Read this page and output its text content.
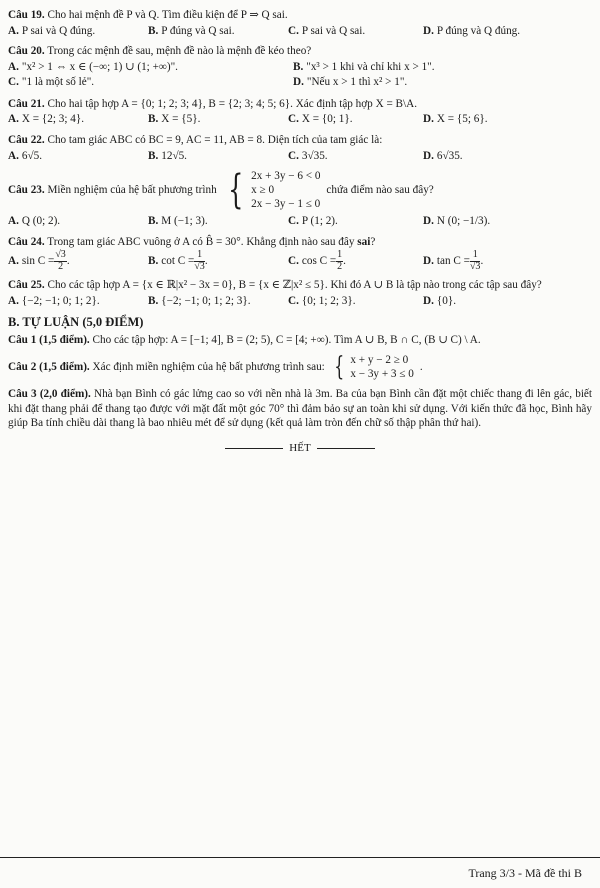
Câu 19. Cho hai mệnh đề P và Q. Tìm điều kiện để P ⇒ Q sai.
A. P sai và Q đúng.	B. P đúng và Q sai.	C. P sai và Q sai.	D. P đúng và Q đúng.
Câu 20. Trong các mệnh đề sau, mệnh đề nào là mệnh đề kéo theo?
A. "x² > 1 ⇔ x ∈ (−∞; 1) ∪ (1; +∞)".	B. "x³ > 1 khi và chỉ khi x > 1".
C. "1 là một số lẻ".	D. "Nếu x > 1 thì x² > 1".
Câu 21. Cho hai tập hợp A = {0; 1; 2; 3; 4}, B = {2; 3; 4; 5; 6}. Xác định tập hợp X = B\A.
A. X = {2; 3; 4}.	B. X = {5}.	C. X = {0; 1}.	D. X = {5; 6}.
Câu 22. Cho tam giác ABC có BC = 9, AC = 11, AB = 8. Diện tích của tam giác là:
A. 6√5.	B. 12√5.	C. 3√35.	D. 6√35.
Câu 23.
Miền nghiệm của hệ bất phương trình { 2x + 3y − 6 < 0
x ≥ 0
2x − 3y − 1 ≤ 0
chứa điểm nào sau đây?
A. Q (0; 2).	B. M (−1; 3).	C. P (1; 2).	D. N (0; −1/3).
Câu 24. Trong tam giác ABC vuông ở A có B̂ = 30°. Khẳng định nào sau đây sai?
A. $\sin C = \frac{√3}{2}$ .	B. $\cot C = \frac{1}{√3}$ .	C. $\cos C = \frac{1}{2}$ .	D. $\tan C = \frac{1}{√3}$ .
Câu 25. Cho các tập hợp A = {x ∈ ℝ|x² − 3x = 0}, B = {x ∈ ℤ|x² ≤ 5}. Khi đó A ∪ B là tập nào trong các tập sau đây?
A. {−2; −1; 0; 1; 2}.	B. {−2; −1; 0; 1; 2; 3}.	C. {0; 1; 2; 3}.	D. {0}.
B. TỰ LUẬN (5,0 ĐIỂM)
Câu 1 (1,5 điểm). Cho các tập hợp: A = [−1; 4], B = (2; 5), C = [4; +∞). Tìm A ∪ B, B ∩ C, (B ∪ C) \ A.
Câu 2 (1,5 điểm).
Xác định miền nghiệm của hệ bất phương trình sau: { x + y − 2 ≥ 0
x − 3y + 3 ≤ 0
.
Câu 3 (2,0 điểm). Nhà bạn Bình có gác lửng cao so với nền nhà là 3m. Ba của bạn Bình cần đặt một chiếc thang đi lên gác, biết khi đặt thang phải để thang tạo được với mặt đất một góc 70° thì đảm bảo sự an toàn khi sử dụng. Với kiến thức đã học, Bình hãy giúp Ba tính chiều dài thang là bao nhiêu mét để sử dụng (kết quả làm tròn đến chữ số thập phân thứ hai).
HẾT
Trang 3/3 - Mã đề thi B
